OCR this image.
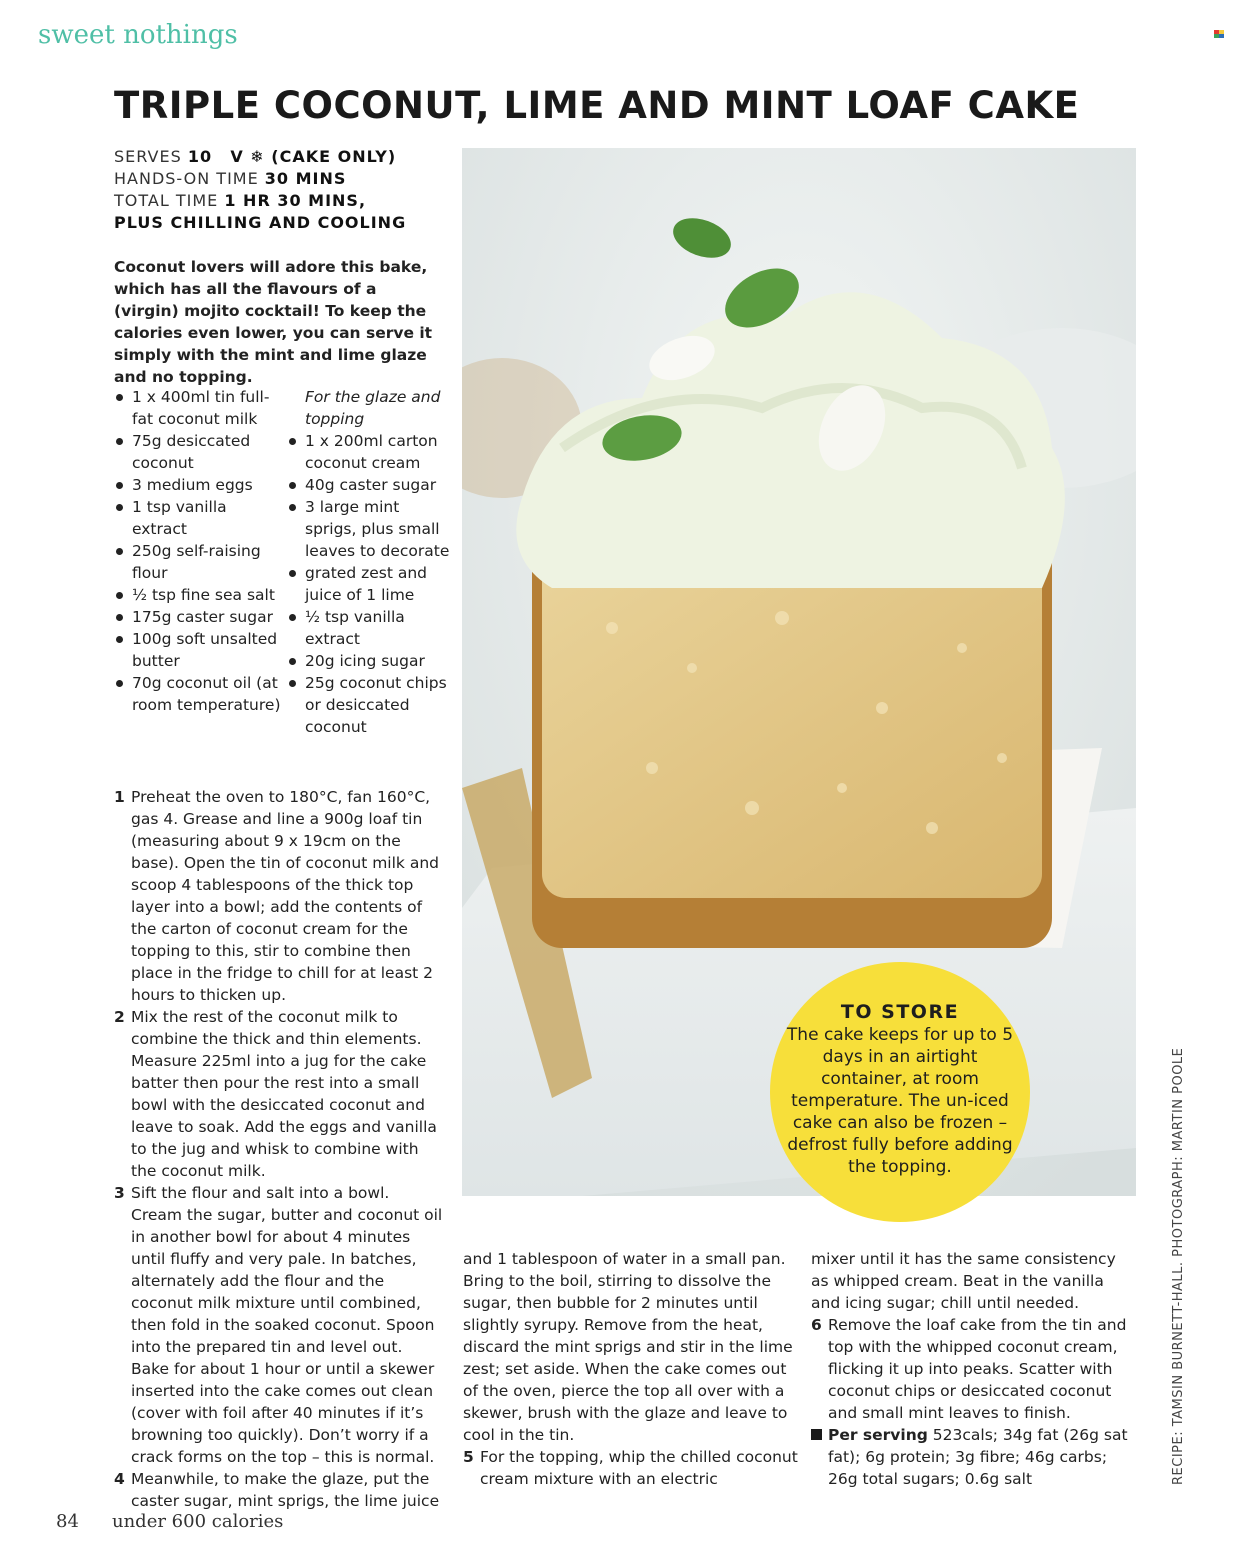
sweet nothings
TRIPLE COCONUT, LIME AND MINT LOAF CAKE
SERVES 10 V ❄ (CAKE ONLY)
HANDS-ON TIME 30 MINS
TOTAL TIME 1 HR 30 MINS,
PLUS CHILLING AND COOLING

Coconut lovers will adore this bake, which has all the flavours of a (virgin) mojito cocktail! To keep the calories even lower, you can serve it simply with the mint and lime glaze and no topping.

1 x 400ml tin full-fat coconut milk
75g desiccated coconut
3 medium eggs
1 tsp vanilla extract
250g self-raising flour
½ tsp fine sea salt
175g caster sugar
100g soft unsalted butter
70g coconut oil (at room temperature)
For the glaze and topping
1 x 200ml carton coconut cream
40g caster sugar
3 large mint sprigs, plus small leaves to decorate
grated zest and juice of 1 lime
½ tsp vanilla extract
20g icing sugar
25g coconut chips or desiccated coconut
1 Preheat the oven to 180°C, fan 160°C, gas 4. Grease and line a 900g loaf tin (measuring about 9 x 19cm on the base). Open the tin of coconut milk and scoop 4 tablespoons of the thick top layer into a bowl; add the contents of the carton of coconut cream for the topping to this, stir to combine then place in the fridge to chill for at least 2 hours to thicken up.
2 Mix the rest of the coconut milk to combine the thick and thin elements. Measure 225ml into a jug for the cake batter then pour the rest into a small bowl with the desiccated coconut and leave to soak. Add the eggs and vanilla to the jug and whisk to combine with the coconut milk.
3 Sift the flour and salt into a bowl. Cream the sugar, butter and coconut oil in another bowl for about 4 minutes until fluffy and very pale. In batches, alternately add the flour and the coconut milk mixture until combined, then fold in the soaked coconut. Spoon into the prepared tin and level out. Bake for about 1 hour or until a skewer inserted into the cake comes out clean (cover with foil after 40 minutes if it’s browning too quickly). Don’t worry if a crack forms on the top – this is normal.
4 Meanwhile, to make the glaze, put the caster sugar, mint sprigs, the lime juice
TO STORE
The cake keeps for up to 5 days in an airtight container, at room temperature. The un-iced cake can also be frozen – defrost fully before adding the topping.
and 1 tablespoon of water in a small pan. Bring to the boil, stirring to dissolve the sugar, then bubble for 2 minutes until slightly syrupy. Remove from the heat, discard the mint sprigs and stir in the lime zest; set aside. When the cake comes out of the oven, pierce the top all over with a skewer, brush with the glaze and leave to cool in the tin.
5 For the topping, whip the chilled coconut cream mixture with an electric
mixer until it has the same consistency as whipped cream. Beat in the vanilla and icing sugar; chill until needed.
6 Remove the loaf cake from the tin and top with the whipped coconut cream, flicking it up into peaks. Scatter with coconut chips or desiccated coconut and small mint leaves to finish.
Per serving 523cals; 34g fat (26g sat fat); 6g protein; 3g fibre; 46g carbs; 26g total sugars; 0.6g salt	RECIPE: TAMSIN BURNETT-HALL. PHOTOGRAPH: MARTIN POOLE
84 under 600 calories
